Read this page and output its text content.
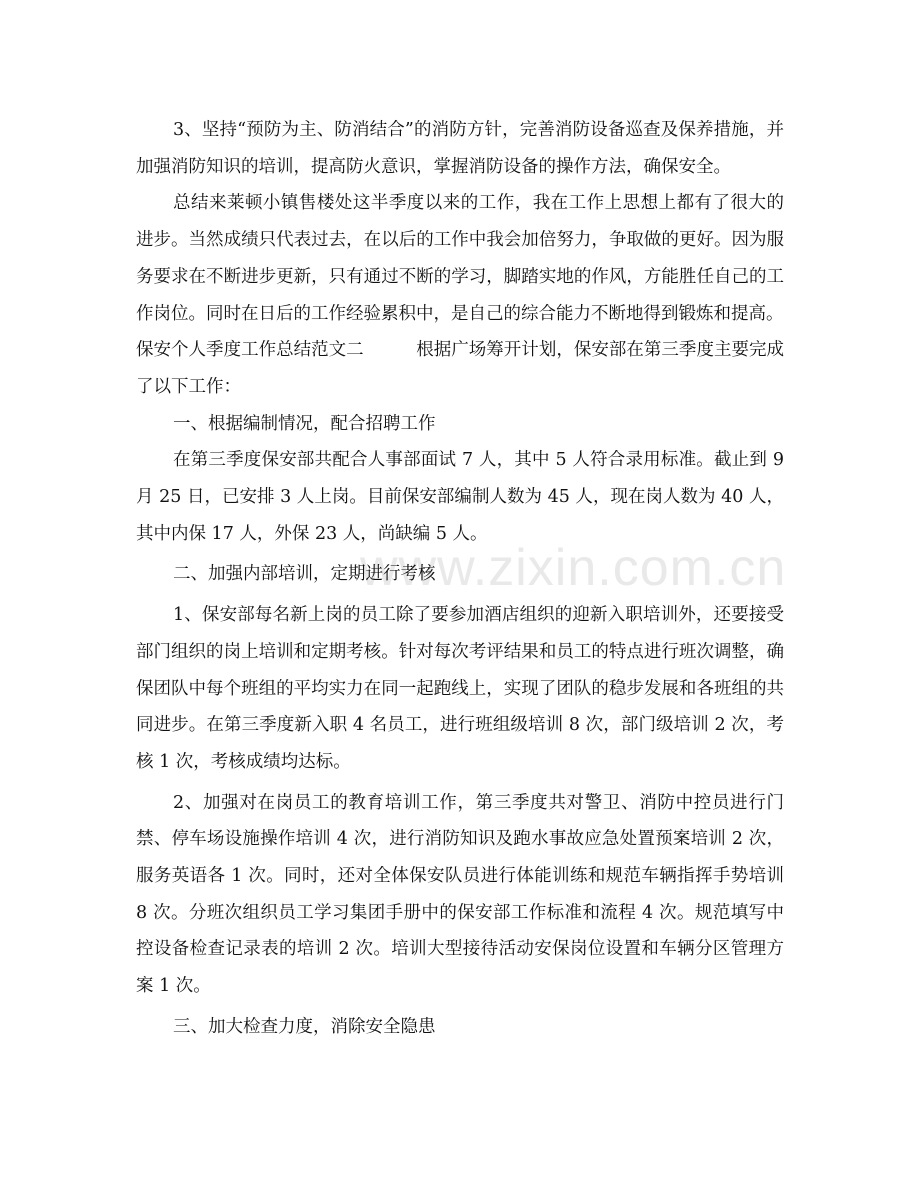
www.zixin.com.cn

3、坚持“预防为主、防消结合”的消防方针，完善消防设备巡查及保养措施，并加强消防知识的培训，提高防火意识，掌握消防设备的操作方法，确保安全。

总结来莱顿小镇售楼处这半季度以来的工作，我在工作上思想上都有了很大的进步。当然成绩只代表过去，在以后的工作中我会加倍努力，争取做的更好。因为服务要求在不断进步更新，只有通过不断的学习，脚踏实地的作风，方能胜任自己的工作岗位。同时在日后的工作经验累积中，是自己的综合能力不断地得到锻炼和提高。

保安个人季度工作总结范文二　　　根据广场筹开计划，保安部在第三季度主要完成了以下工作：

一、根据编制情况，配合招聘工作

在第三季度保安部共配合人事部面试 7 人，其中 5 人符合录用标准。截止到 9 月 25 日，已安排 3 人上岗。目前保安部编制人数为 45 人，现在岗人数为 40 人，其中内保 17 人，外保 23 人，尚缺编 5 人。

二、加强内部培训，定期进行考核

1、保安部每名新上岗的员工除了要参加酒店组织的迎新入职培训外，还要接受部门组织的岗上培训和定期考核。针对每次考评结果和员工的特点进行班次调整，确保团队中每个班组的平均实力在同一起跑线上，实现了团队的稳步发展和各班组的共同进步。在第三季度新入职 4 名员工，进行班组级培训 8 次，部门级培训 2 次，考核 1 次，考核成绩均达标。

2、加强对在岗员工的教育培训工作，第三季度共对警卫、消防中控员进行门禁、停车场设施操作培训 4 次，进行消防知识及跑水事故应急处置预案培训 2 次，服务英语各 1 次。同时，还对全体保安队员进行体能训练和规范车辆指挥手势培训 8 次。分班次组织员工学习集团手册中的保安部工作标准和流程 4 次。规范填写中控设备检查记录表的培训 2 次。培训大型接待活动安保岗位设置和车辆分区管理方案 1 次。

三、加大检查力度，消除安全隐患
